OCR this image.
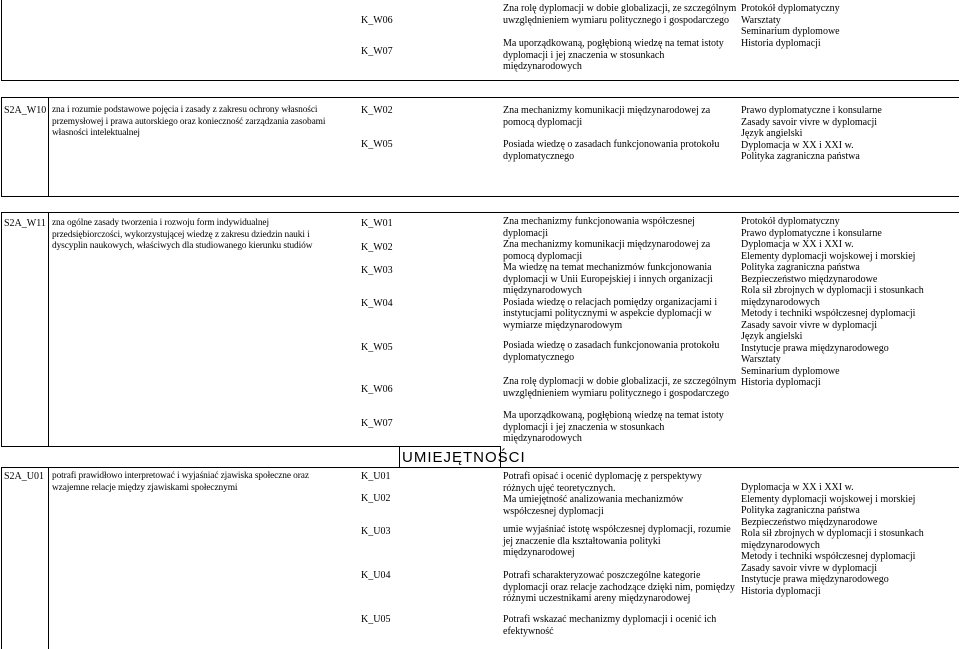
K_W06
K_W07
Zna rolę dyplomacji w dobie globalizacji, ze szczególnym
uwzględnieniem wymiaru politycznego i gospodarczego
Ma uporządkowaną, pogłębioną wiedzę na temat istoty
dyplomacji i jej znaczenia w stosunkach
międzynarodowych
Protokół dyplomatyczny
Warsztaty
Seminarium dyplomowe
Historia dyplomacji
S2A_W10 zna i rozumie podstawowe pojęcia i zasady z zakresu ochrony własności
przemysłowej i prawa autorskiego oraz konieczność zarządzania zasobami
własności intelektualnej
K_W02
K_W05
Zna mechanizmy komunikacji międzynarodowej za
pomocą dyplomacji
Posiada wiedzę o zasadach funkcjonowania protokołu
dyplomatycznego
Prawo dyplomatyczne i konsularne
Zasady savoir vivre w dyplomacji
Język angielski
Dyplomacja w XX i XXI w.
Polityka zagraniczna państwa
S2A_W11 zna ogólne zasady tworzenia i rozwoju form indywidualnej
przedsiębiorczości, wykorzystującej wiedzę z zakresu dziedzin nauki i
dyscyplin naukowych, właściwych dla studiowanego kierunku studiów
K_W01
K_W02
K_W03
K_W04
K_W05
K_W06
K_W07
Zna mechanizmy funkcjonowania współczesnej
dyplomacji
Zna mechanizmy komunikacji międzynarodowej za
pomocą dyplomacji
Ma wiedzę na temat mechanizmów funkcjonowania
dyplomacji w Unii Europejskiej i innych organizacji
międzynarodowych
Posiada wiedzę o relacjach pomiędzy organizacjami i
instytucjami politycznymi w aspekcie dyplomacji w
wymiarze międzynarodowym
Posiada wiedzę o zasadach funkcjonowania protokołu
dyplomatycznego
Zna rolę dyplomacji w dobie globalizacji, ze szczególnym
uwzględnieniem wymiaru politycznego i gospodarczego
Ma uporządkowaną, pogłębioną wiedzę na temat istoty
dyplomacji i jej znaczenia w stosunkach
międzynarodowych
Protokół dyplomatyczny
Prawo dyplomatyczne i konsularne
Dyplomacja w XX i XXI w.
Elementy dyplomacji wojskowej i morskiej
Polityka zagraniczna państwa
Bezpieczeństwo międzynarodowe
Rola sił zbrojnych w dyplomacji i stosunkach
międzynarodowych
Metody i techniki współczesnej dyplomacji
Zasady savoir vivre w dyplomacji
Język angielski
Instytucje prawa międzynarodowego
Warsztaty
Seminarium dyplomowe
Historia dyplomacji
UMIEJĘTNOŚCI
S2A_U01 potrafi prawidłowo interpretować i wyjaśniać zjawiska społeczne oraz
wzajemne relacje między zjawiskami społecznymi
K_U01
K_U02
K_U03
K_U04
K_U05
Potrafi opisać i ocenić dyplomację z perspektywy
różnych ujęć teoretycznych.
Ma umiejętność analizowania mechanizmów
współczesnej dyplomacji
umie wyjaśniać istotę współczesnej dyplomacji, rozumie
jej znaczenie dla kształtowania polityki
międzynarodowej
Potrafi scharakteryzować poszczególne kategorie
dyplomacji oraz relacje zachodzące dzięki nim, pomiędzy
różnymi uczestnikami areny międzynarodowej
Potrafi wskazać mechanizmy dyplomacji i ocenić ich
efektywność
Dyplomacja w XX i XXI w.
Elementy dyplomacji wojskowej i morskiej
Polityka zagraniczna państwa
Bezpieczeństwo międzynarodowe
Rola sił zbrojnych w dyplomacji i stosunkach
międzynarodowych
Metody i techniki współczesnej dyplomacji
Zasady savoir vivre w dyplomacji
Instytucje prawa międzynarodowego
Historia dyplomacji
